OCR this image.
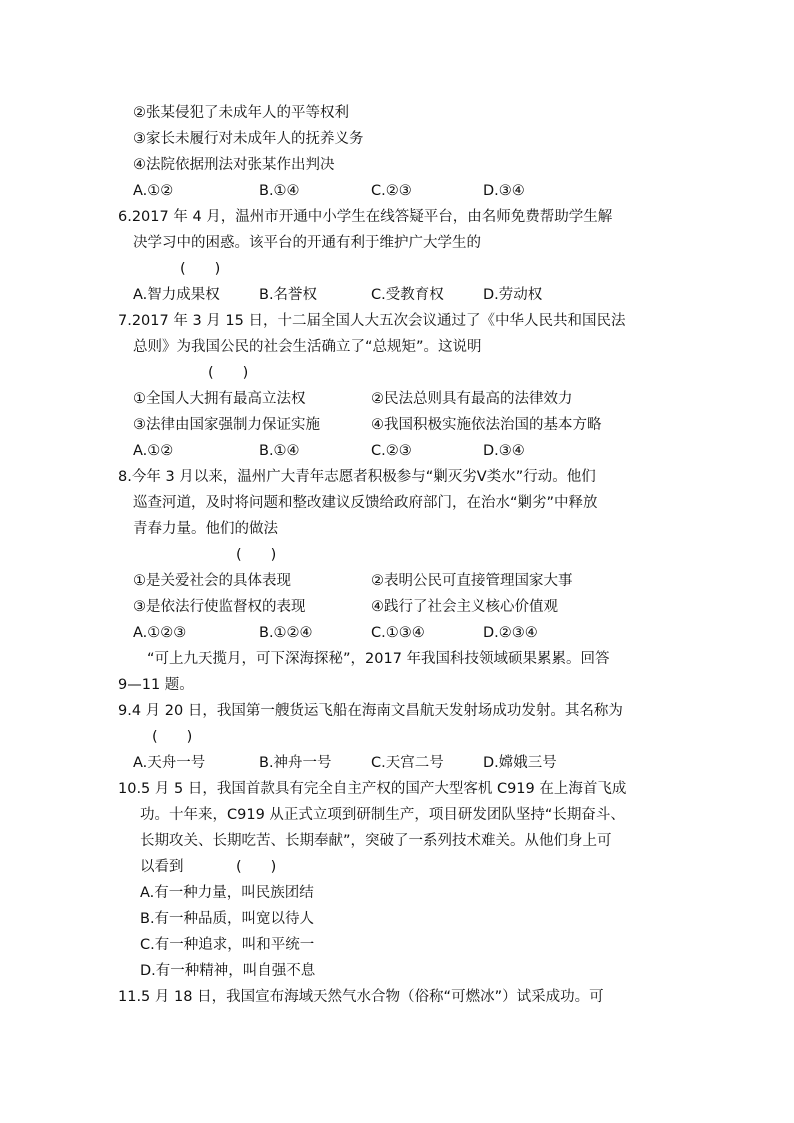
②张某侵犯了未成年人的平等权利
③家长未履行对未成年人的抚养义务
④法院依据刑法对张某作出判决
A.①②	B.①④	C.②③	D.③④
6.2017 年 4 月，温州市开通中小学生在线答疑平台，由名师免费帮助学生解
决学习中的困惑。该平台的开通有利于维护广大学生的
(　　)
A.智力成果权	B.名誉权	C.受教育权	D.劳动权
7.2017 年 3 月 15 日，十二届全国人大五次会议通过了《中华人民共和国民法
总则》为我国公民的社会生活确立了“总规矩”。这说明
(　　)
①全国人大拥有最高立法权	②民法总则具有最高的法律效力
③法律由国家强制力保证实施	④我国积极实施依法治国的基本方略
A.①②	B.①④	C.②③	D.③④
8.今年 3 月以来，温州广大青年志愿者积极参与“剿灭劣Ⅴ类水”行动。他们
巡查河道，及时将问题和整改建议反馈给政府部门，在治水“剿劣”中释放
青春力量。他们的做法
(　　)
①是关爱社会的具体表现	②表明公民可直接管理国家大事
③是依法行使监督权的表现	④践行了社会主义核心价值观
A.①②③	B.①②④	C.①③④	D.②③④
“可上九天揽月，可下深海探秘”，2017 年我国科技领域硕果累累。回答
9—11 题。
9.4 月 20 日，我国第一艘货运飞船在海南文昌航天发射场成功发射。其名称为
(　　)
A.天舟一号	B.神舟一号	C.天宫二号	D.嫦娥三号
10.5 月 5 日，我国首款具有完全自主产权的国产大型客机 C919 在上海首飞成
功。十年来，C919 从正式立项到研制生产，项目研发团队坚持“长期奋斗、
长期攻关、长期吃苦、长期奉献”，突破了一系列技术难关。从他们身上可
以看到	(　　)
A.有一种力量，叫民族团结
B.有一种品质，叫宽以待人
C.有一种追求，叫和平统一
D.有一种精神，叫自强不息
11.5 月 18 日，我国宣布海域天然气水合物（俗称“可燃冰”）试采成功。可
